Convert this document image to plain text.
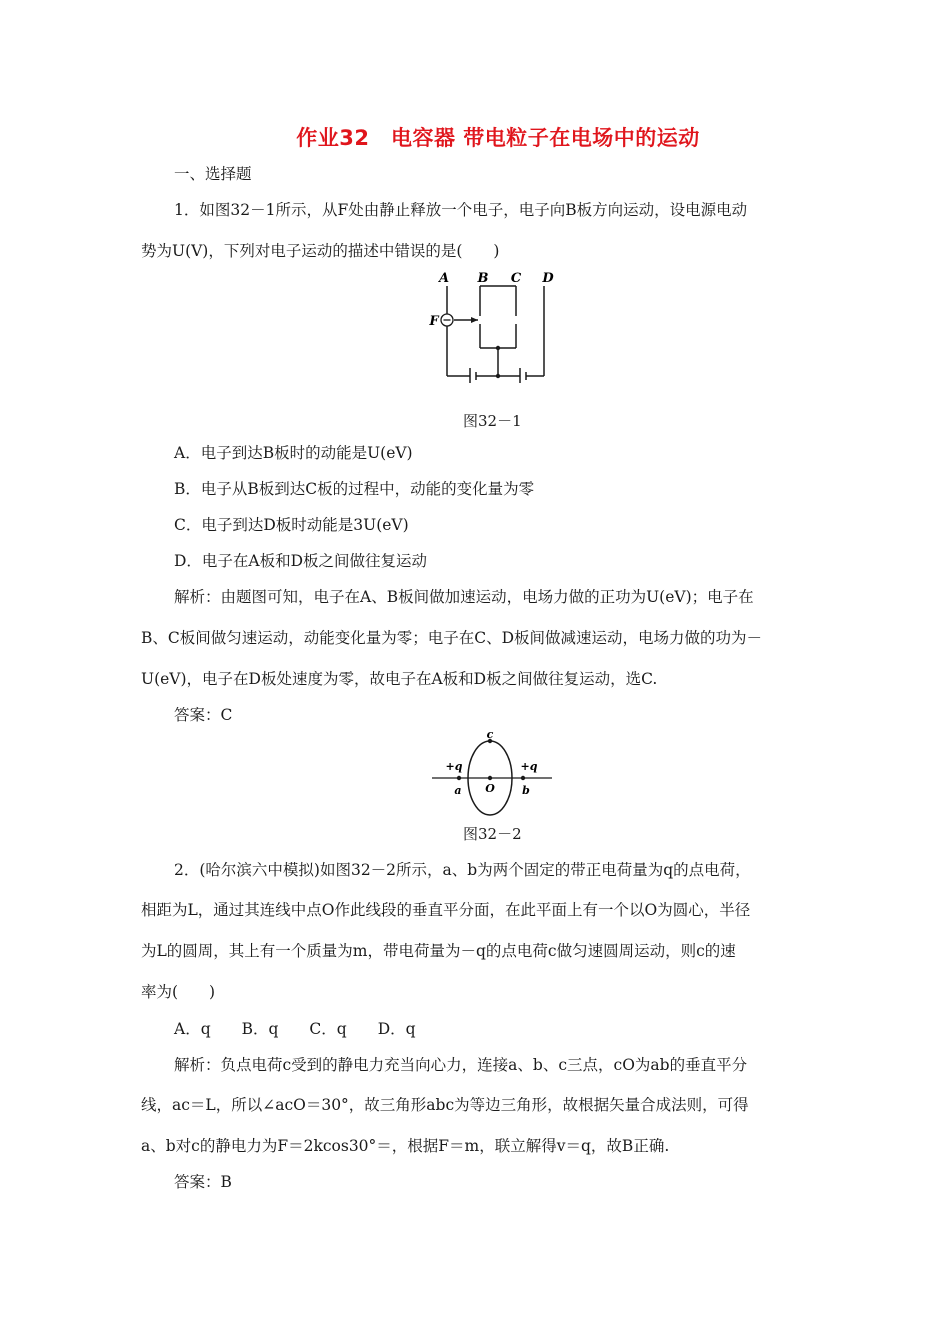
作业32　电容器 带电粒子在电场中的运动
一、选择题
1．如图32－1所示，从F处由静止释放一个电子，电子向B板方向运动，设电源电动
势为U(V)，下列对电子运动的描述中错误的是(　　)
A B C D
F
图32－1
A．电子到达B板时的动能是U(eV)
B．电子从B板到达C板的过程中，动能的变化量为零
C．电子到达D板时动能是3U(eV)
D．电子在A板和D板之间做往复运动
解析：由题图可知，电子在A、B板间做加速运动，电场力做的正功为U(eV)；电子在
B、C板间做匀速运动，动能变化量为零；电子在C、D板间做减速运动，电场力做的功为－
U(eV)，电子在D板处速度为零，故电子在A板和D板之间做往复运动，选C.
答案：C
c
+q	+q
a O b
图32－2
2．(哈尔滨六中模拟)如图32－2所示，a、b为两个固定的带正电荷量为q的点电荷，
相距为L，通过其连线中点O作此线段的垂直平分面，在此平面上有一个以O为圆心，半径
为L的圆周，其上有一个质量为m，带电荷量为－q的点电荷c做匀速圆周运动，则c的速
率为(　　)
A．q　　B．q　　C．q　　D．q
解析：负点电荷c受到的静电力充当向心力，连接a、b、c三点，cO为ab的垂直平分
线，ac＝L，所以∠acO＝30°，故三角形abc为等边三角形，故根据矢量合成法则，可得
a、b对c的静电力为F＝2kcos30°＝，根据F＝m，联立解得v＝q，故B正确.
答案：B
